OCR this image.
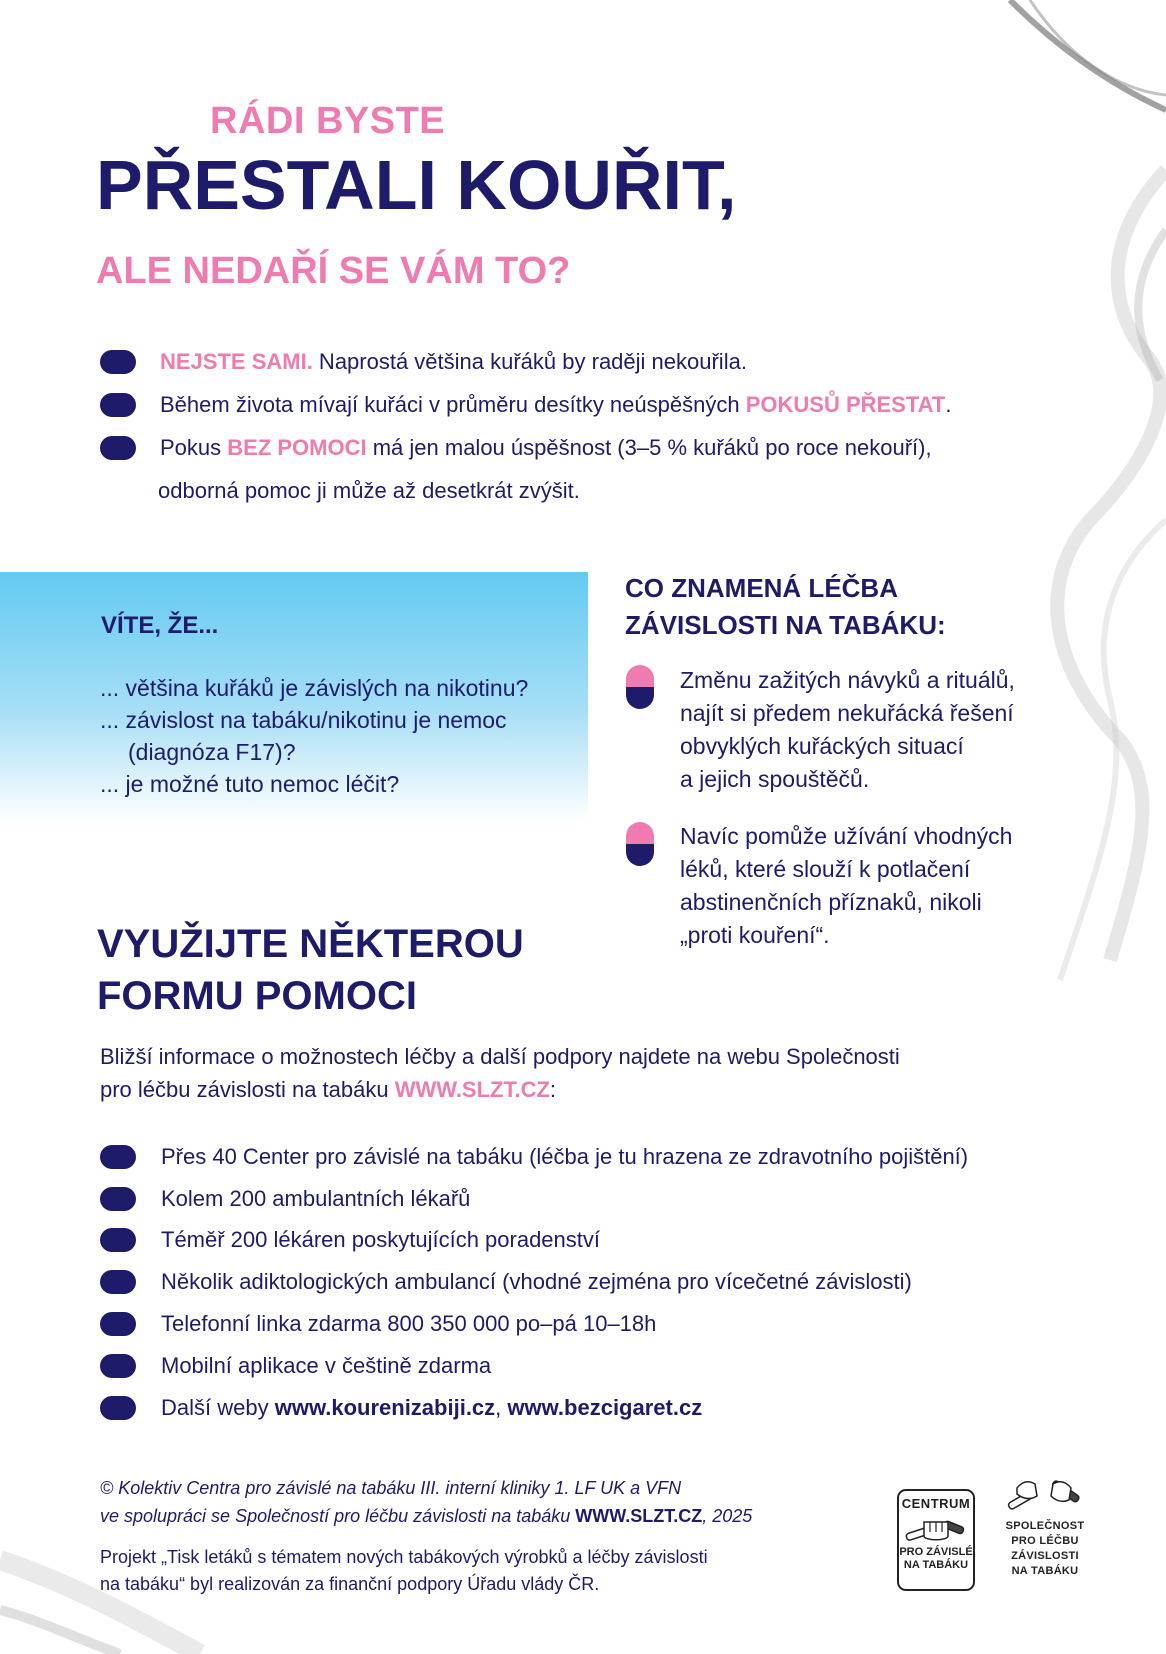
RÁDI BYSTE
PŘESTALI KOUŘIT,
ALE NEDAŘÍ SE VÁM TO?
NEJSTE SAMI. Naprostá většina kuřáků by raději nekouřila.
Během života mívají kuřáci v průměru desítky neúspěšných POKUSŮ PŘESTAT.
Pokus BEZ POMOCI má jen malou úspěšnost (3–5 % kuřáků po roce nekouří),
odborná pomoc ji může až desetkrát zvýšit.
VÍTE, ŽE...
... většina kuřáků je závislých na nikotinu?
... závislost na tabáku/nikotinu je nemoc
(diagnóza F17)?
... je možné tuto nemoc léčit?
CO ZNAMENÁ LÉČBA
ZÁVISLOSTI NA TABÁKU:
Změnu zažitých návyků a rituálů,
najít si předem nekuřácká řešení
obvyklých kuřáckých situací
a jejich spouštěčů.
Navíc pomůže užívání vhodných
léků, které slouží k potlačení
abstinenčních příznaků, nikoli
„proti kouření“.
VYUŽIJTE NĚKTEROU
FORMU POMOCI
Bližší informace o možnostech léčby a další podpory najdete na webu Společnosti
pro léčbu závislosti na tabáku WWW.SLZT.CZ:
Přes 40 Center pro závislé na tabáku (léčba je tu hrazena ze zdravotního pojištění)
Kolem 200 ambulantních lékařů
Téměř 200 lékáren poskytujících poradenství
Několik adiktologických ambulancí (vhodné zejména pro vícečetné závislosti)
Telefonní linka zdarma 800 350 000 po–pá 10–18h
Mobilní aplikace v češtině zdarma
Další weby www.kourenizabiji.cz, www.bezcigaret.cz
© Kolektiv Centra pro závislé na tabáku III. interní kliniky 1. LF UK a VFN
ve spolupráci se Společností pro léčbu závislosti na tabáku WWW.SLZT.CZ, 2025
Projekt „Tisk letáků s tématem nových tabákových výrobků a léčby závislosti
na tabáku“ byl realizován za finanční podpory Úřadu vlády ČR.
CENTRUM
PRO ZÁVISLÉ
NA TABÁKU
SPOLEČNOST
PRO LÉČBU
ZÁVISLOSTI
NA TABÁKU
